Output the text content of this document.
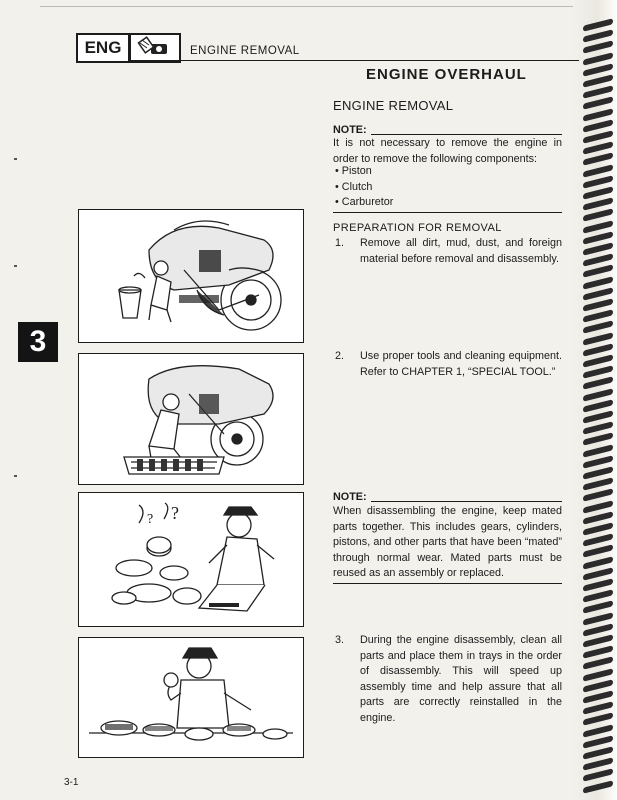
ENG	ENGINE REMOVAL
ENGINE OVERHAUL
ENGINE REMOVAL
NOTE:
It is not necessary to remove the engine in order to remove the following components:
• Piston
• Clutch
• Carburetor
PREPARATION FOR REMOVAL
1. Remove all dirt, mud, dust, and foreign material before removal and disassembly.
2. Use proper tools and cleaning equipment. Refer to CHAPTER 1, “SPECIAL TOOL.”
NOTE:
When disassembling the engine, keep mated parts together. This includes gears, cylinders, pistons, and other parts that have been “mated” through normal wear. Mated parts must be reused as an assembly or replaced.
3. During the engine disassembly, clean all parts and place them in trays in the order of disassembly. This will speed up assembly time and help assure that all parts are correctly reinstalled in the engine.
?
?
3
3-1
